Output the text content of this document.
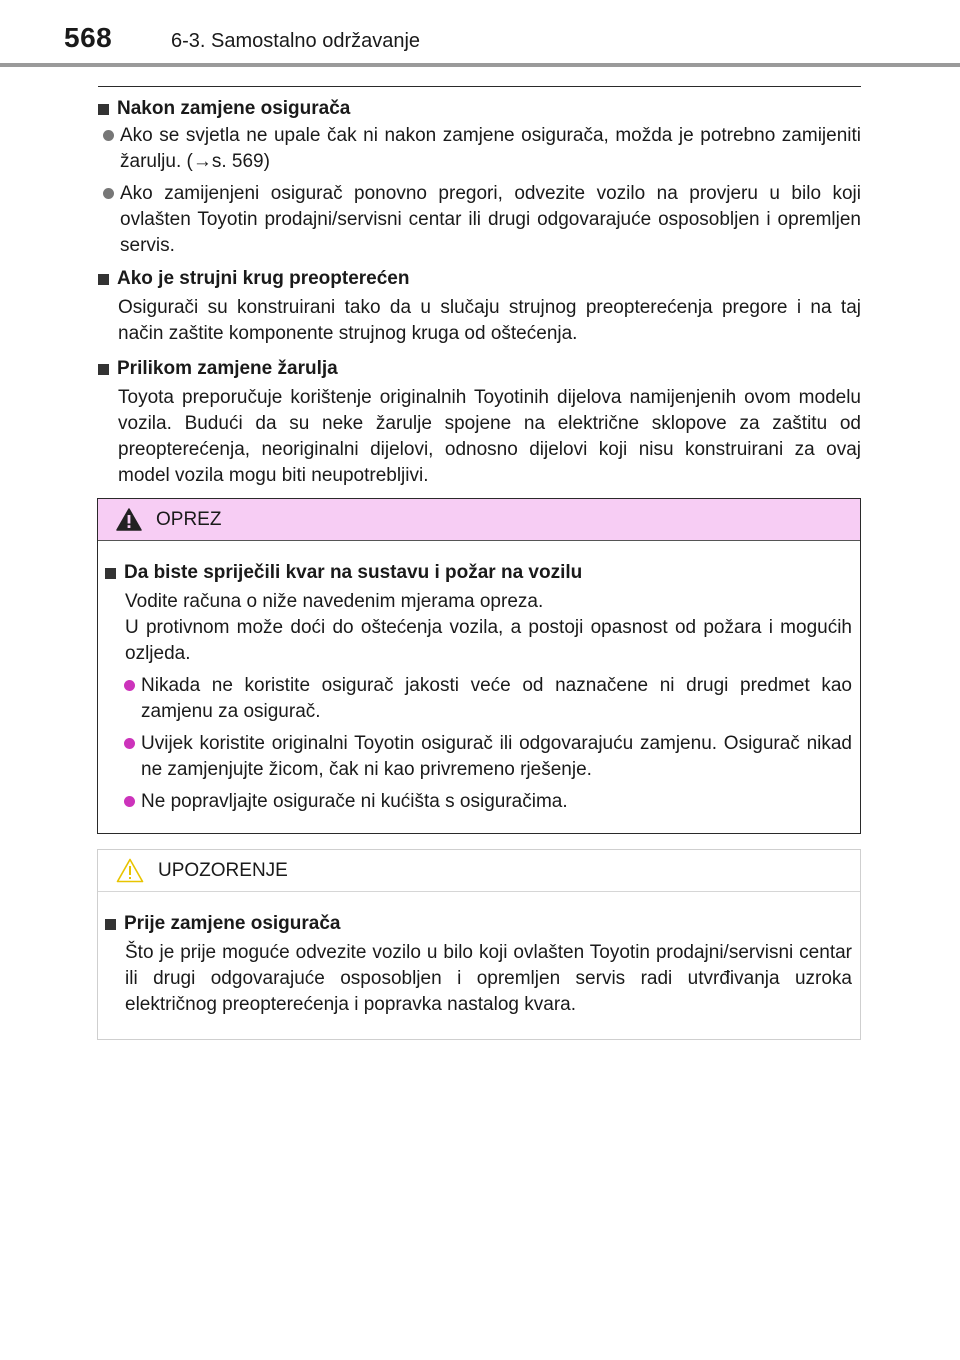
568	6-3. Samostalno održavanje
Nakon zamjene osigurača
Ako se svjetla ne upale čak ni nakon zamjene osigurača, možda je potrebno zamijeniti žarulju. (→s. 569)
Ako zamijenjeni osigurač ponovno pregori, odvezite vozilo na provjeru u bilo koji ovlašten Toyotin prodajni/servisni centar ili drugi odgovarajuće osposobljen i opremljen servis.
Ako je strujni krug preopterećen
Osigurači su konstruirani tako da u slučaju strujnog preopterećenja pregore i na taj način zaštite komponente strujnog kruga od oštećenja.
Prilikom zamjene žarulja
Toyota preporučuje korištenje originalnih Toyotinih dijelova namijenjenih ovom modelu vozila. Budući da su neke žarulje spojene na električne sklopove za zaštitu od preopterećenja, neoriginalni dijelovi, odnosno dijelovi koji nisu konstruirani za ovaj model vozila mogu biti neupotrebljivi.
OPREZ
Da biste spriječili kvar na sustavu i požar na vozilu
Vodite računa o niže navedenim mjerama opreza.
U protivnom može doći do oštećenja vozila, a postoji opasnost od požara i mogućih ozljeda.
Nikada ne koristite osigurač jakosti veće od naznačene ni drugi predmet kao zamjenu za osigurač.
Uvijek koristite originalni Toyotin osigurač ili odgovarajuću zamjenu. Osigurač nikad ne zamjenjujte žicom, čak ni kao privremeno rješenje.
Ne popravljajte osigurače ni kućišta s osiguračima.
UPOZORENJE
Prije zamjene osigurača
Što je prije moguće odvezite vozilo u bilo koji ovlašten Toyotin prodajni/servisni centar ili drugi odgovarajuće osposobljen i opremljen servis radi utvrđivanja uzroka električnog preopterećenja i popravka nastalog kvara.
